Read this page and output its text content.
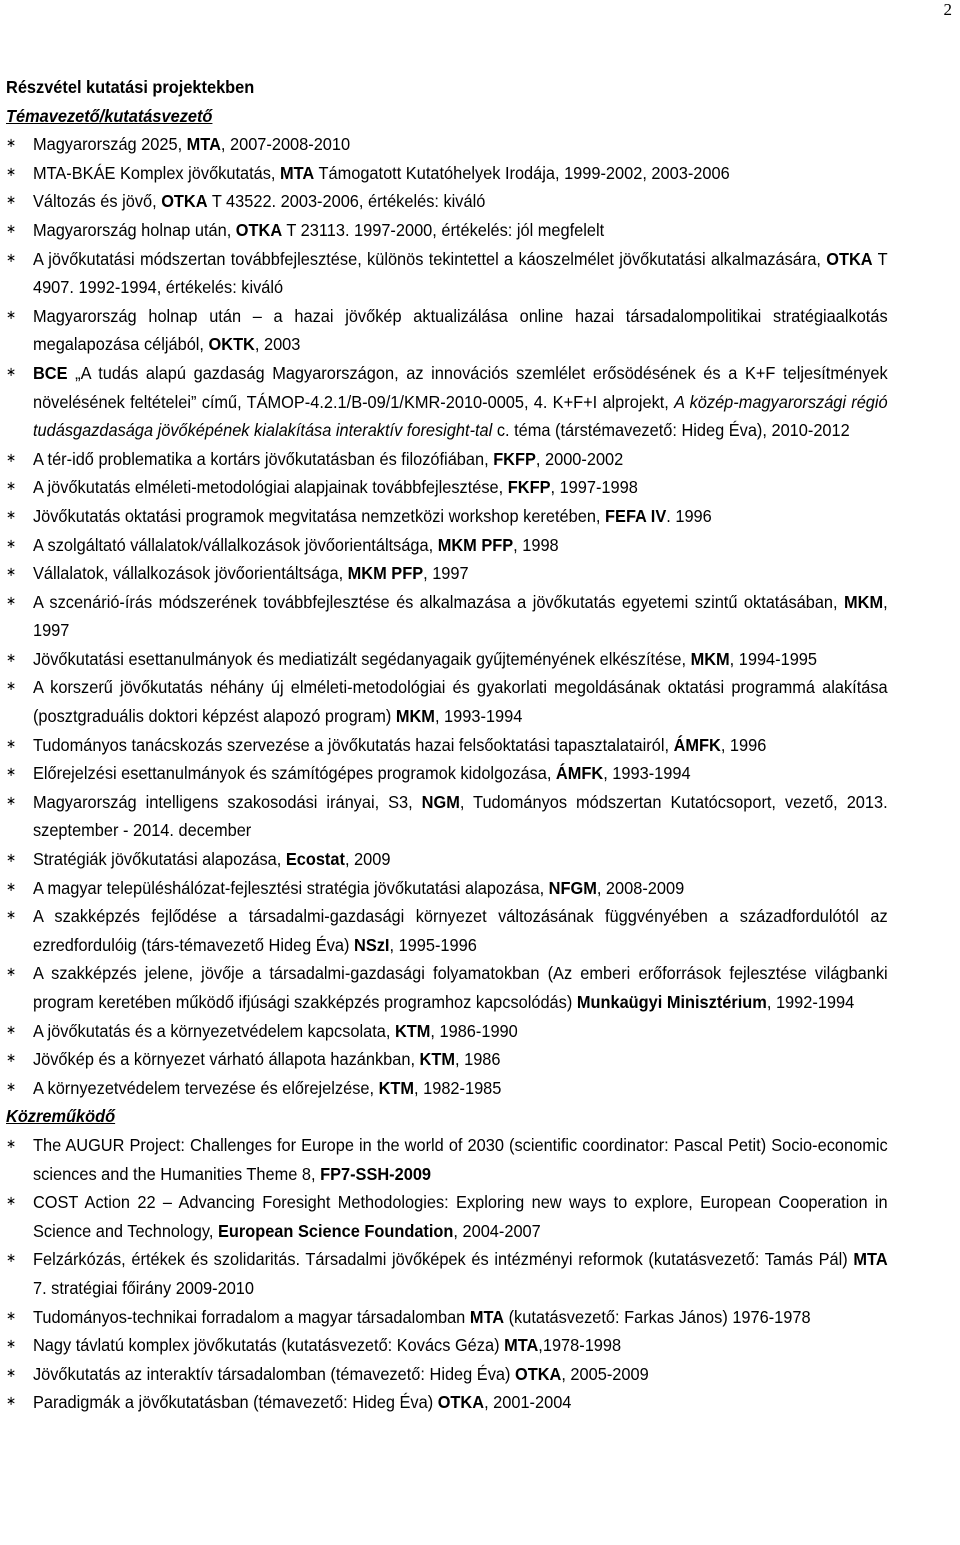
2
Részvétel kutatási projektekben
Témavezető/kutatásvezető
∗ Magyarország 2025, MTA, 2007-2008-2010
∗ MTA-BKÁE Komplex jövőkutatás, MTA Támogatott Kutatóhelyek Irodája, 1999-2002, 2003-2006
∗ Változás és jövő, OTKA T 43522. 2003-2006, értékelés: kiváló
∗ Magyarország holnap után, OTKA T 23113. 1997-2000, értékelés: jól megfelelt
∗ A jövőkutatási módszertan továbbfejlesztése, különös tekintettel a káoszelmélet jövőkutatási alkalmazására, OTKA T 4907. 1992-1994, értékelés: kiváló
∗ Magyarország holnap után – a hazai jövőkép aktualizálása online hazai társadalompolitikai stratégiaalkotás megalapozása céljából, OKTK, 2003
∗ BCE „A tudás alapú gazdaság Magyarországon, az innovációs szemlélet erősödésének és a K+F teljesítmények növelésének feltételei” című, TÁMOP-4.2.1/B-09/1/KMR-2010-0005, 4. K+F+I alprojekt, A közép-magyarországi régió tudásgazdasága jövőképének kialakítása interaktív foresight-tal c. téma (társtémavezető: Hideg Éva), 2010-2012
∗ A tér-idő problematika a kortárs jövőkutatásban és filozófiában, FKFP, 2000-2002
∗ A jövőkutatás elméleti-metodológiai alapjainak továbbfejlesztése, FKFP, 1997-1998
∗ Jövőkutatás oktatási programok megvitatása nemzetközi workshop keretében, FEFA IV. 1996
∗ A szolgáltató vállalatok/vállalkozások jövőorientáltsága, MKM PFP, 1998
∗ Vállalatok, vállalkozások jövőorientáltsága, MKM PFP, 1997
∗ A szcenárió-írás módszerének továbbfejlesztése és alkalmazása a jövőkutatás egyetemi szintű oktatásában, MKM, 1997
∗ Jövőkutatási esettanulmányok és mediatizált segédanyagaik gyűjteményének elkészítése, MKM, 1994-1995
∗ A korszerű jövőkutatás néhány új elméleti-metodológiai és gyakorlati megoldásának oktatási programmá alakítása (posztgraduális doktori képzést alapozó program) MKM, 1993-1994
∗ Tudományos tanácskozás szervezése a jövőkutatás hazai felsőoktatási tapasztalatairól, ÁMFK, 1996
∗ Előrejelzési esettanulmányok és számítógépes programok kidolgozása, ÁMFK, 1993-1994
∗ Magyarország intelligens szakosodási irányai, S3, NGM, Tudományos módszertan Kutatócsoport, vezető, 2013. szeptember - 2014. december
∗ Stratégiák jövőkutatási alapozása, Ecostat, 2009
∗ A magyar településhálózat-fejlesztési stratégia jövőkutatási alapozása, NFGM, 2008-2009
∗ A szakképzés fejlődése a társadalmi-gazdasági környezet változásának függvényében a századfordulótól az ezredfordulóig (társ-témavezető Hideg Éva) NSzI, 1995-1996
∗ A szakképzés jelene, jövője a társadalmi-gazdasági folyamatokban (Az emberi erőforrások fejlesztése világbanki program keretében működő ifjúsági szakképzés programhoz kapcsolódás) Munkaügyi Minisztérium, 1992-1994
∗ A jövőkutatás és a környezetvédelem kapcsolata, KTM, 1986-1990
∗ Jövőkép és a környezet várható állapota hazánkban, KTM, 1986
∗ A környezetvédelem tervezése és előrejelzése, KTM, 1982-1985
Közreműködő
∗ The AUGUR Project: Challenges for Europe in the world of 2030 (scientific coordinator: Pascal Petit) Socio-economic sciences and the Humanities Theme 8, FP7-SSH-2009
∗ COST Action 22 – Advancing Foresight Methodologies: Exploring new ways to explore, European Cooperation in Science and Technology, European Science Foundation, 2004-2007
∗ Felzárkózás, értékek és szolidaritás. Társadalmi jövőképek és intézményi reformok (kutatásvezető: Tamás Pál) MTA 7. stratégiai főirány 2009-2010
∗ Tudományos-technikai forradalom a magyar társadalomban MTA (kutatásvezető: Farkas János) 1976-1978
∗ Nagy távlatú komplex jövőkutatás (kutatásvezető: Kovács Géza) MTA,1978-1998
∗ Jövőkutatás az interaktív társadalomban (témavezető: Hideg Éva) OTKA, 2005-2009
∗ Paradigmák a jövőkutatásban (témavezető: Hideg Éva) OTKA, 2001-2004
